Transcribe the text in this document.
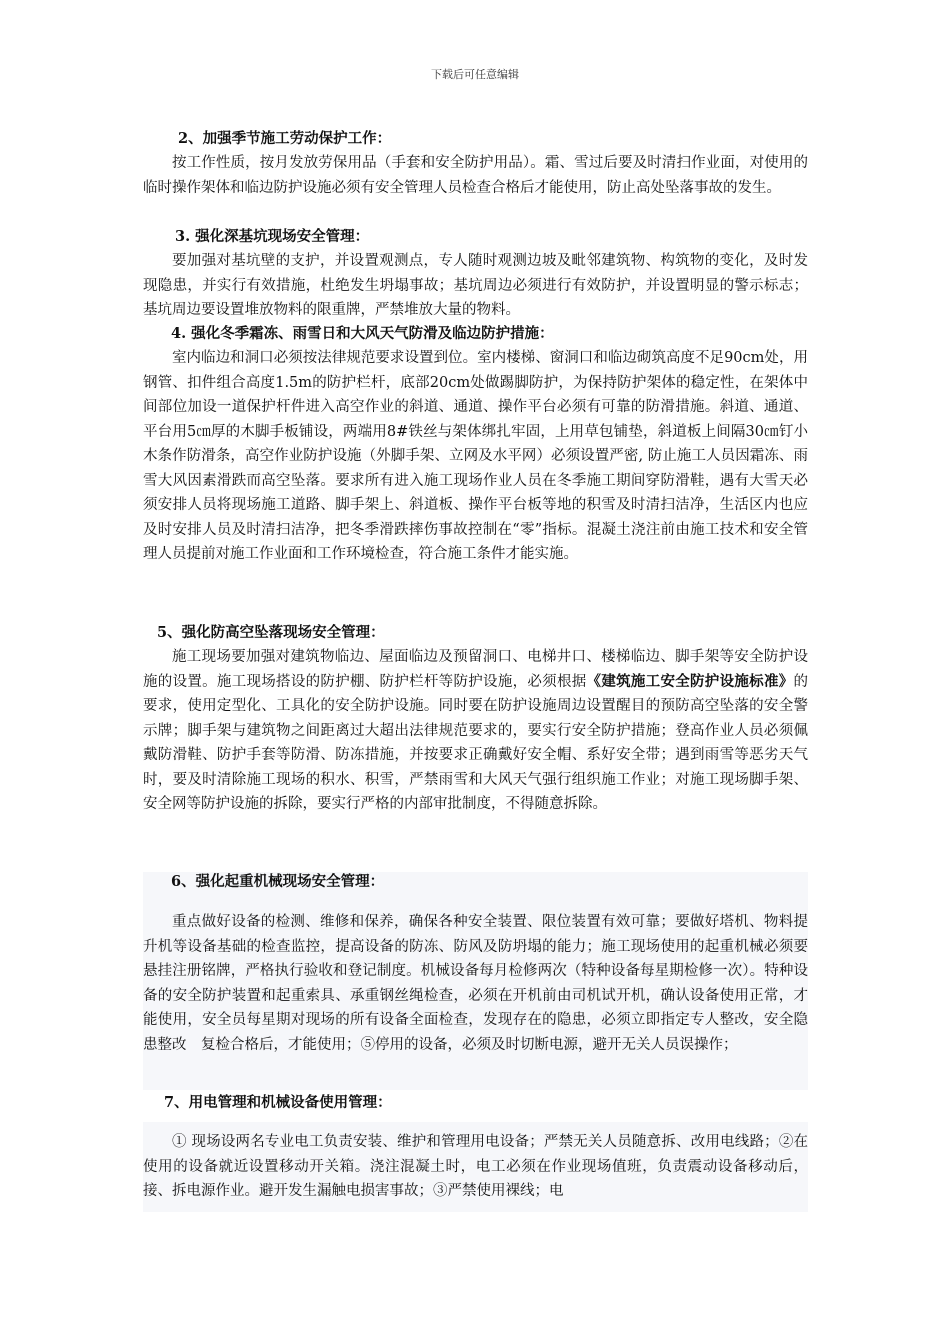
下载后可任意编辑
2、加强季节施工劳动保护工作：

按工作性质，按月发放劳保用品（手套和安全防护用品）。霜、雪过后要及时清扫作业面，对使用的临时操作架体和临边防护设施必须有安全管理人员检查合格后才能使用，防止高处坠落事故的发生。

3. 强化深基坑现场安全管理：

要加强对基坑壁的支护，并设置观测点，专人随时观测边坡及毗邻建筑物、构筑物的变化，及时发现隐患，并实行有效措施，杜绝发生坍塌事故；基坑周边必须进行有效防护，并设置明显的警示标志；基坑周边要设置堆放物料的限重牌，严禁堆放大量的物料。

4. 强化冬季霜冻、雨雪日和大风天气防滑及临边防护措施：

室内临边和洞口必须按法律规范要求设置到位。室内楼梯、窗洞口和临边砌筑高度不足90cm处，用钢管、扣件组合高度1.5m的防护栏杆，底部20cm处做踢脚防护，为保持防护架体的稳定性，在架体中间部位加设一道保护杆件进入高空作业的斜道、通道、操作平台必须有可靠的防滑措施。斜道、通道、平台用5㎝厚的木脚手板铺设，两端用8#铁丝与架体绑扎牢固，上用草包铺垫，斜道板上间隔30㎝钉小木条作防滑条，高空作业防护设施（外脚手架、立网及水平网）必须设置严密, 防止施工人员因霜冻、雨雪大风因素滑跌而高空坠落。要求所有进入施工现场作业人员在冬季施工期间穿防滑鞋，遇有大雪天必须安排人员将现场施工道路、脚手架上、斜道板、操作平台板等地的积雪及时清扫洁净，生活区内也应及时安排人员及时清扫洁净，把冬季滑跌摔伤事故控制在“零”指标。混凝土浇注前由施工技术和安全管理人员提前对施工作业面和工作环境检查，符合施工条件才能实施。

5、强化防高空坠落现场安全管理：

施工现场要加强对建筑物临边、屋面临边及预留洞口、电梯井口、楼梯临边、脚手架等安全防护设施的设置。施工现场搭设的防护棚、防护栏杆等防护设施，必须根据《建筑施工安全防护设施标准》的要求，使用定型化、工具化的安全防护设施。同时要在防护设施周边设置醒目的预防高空坠落的安全警示牌；脚手架与建筑物之间距离过大超出法律规范要求的，要实行安全防护措施；登高作业人员必须佩戴防滑鞋、防护手套等防滑、防冻措施，并按要求正确戴好安全帽、系好安全带；遇到雨雪等恶劣天气时，要及时清除施工现场的积水、积雪，严禁雨雪和大风天气强行组织施工作业；对施工现场脚手架、安全网等防护设施的拆除，要实行严格的内部审批制度，不得随意拆除。

6、强化起重机械现场安全管理：

重点做好设备的检测、维修和保养，确保各种安全装置、限位装置有效可靠；要做好塔机、物料提升机等设备基础的检查监控，提高设备的防冻、防风及防坍塌的能力；施工现场使用的起重机械必须要悬挂注册铭牌，严格执行验收和登记制度。机械设备每月检修两次（特种设备每星期检修一次）。特种设备的安全防护装置和起重索具、承重钢丝绳检查，必须在开机前由司机试开机，确认设备使用正常，才能使用，安全员每星期对现场的所有设备全面检查，发现存在的隐患，必须立即指定专人整改，安全隐患整改　复检合格后，才能使用；⑤停用的设备，必须及时切断电源，避开无关人员误操作；

7、用电管理和机械设备使用管理：

① 现场设两名专业电工负责安装、维护和管理用电设备；严禁无关人员随意拆、改用电线路；②在使用的设备就近设置移动开关箱。浇注混凝土时，电工必须在作业现场值班，负责震动设备移动后，接、拆电源作业。避开发生漏触电损害事故；③严禁使用裸线；电
